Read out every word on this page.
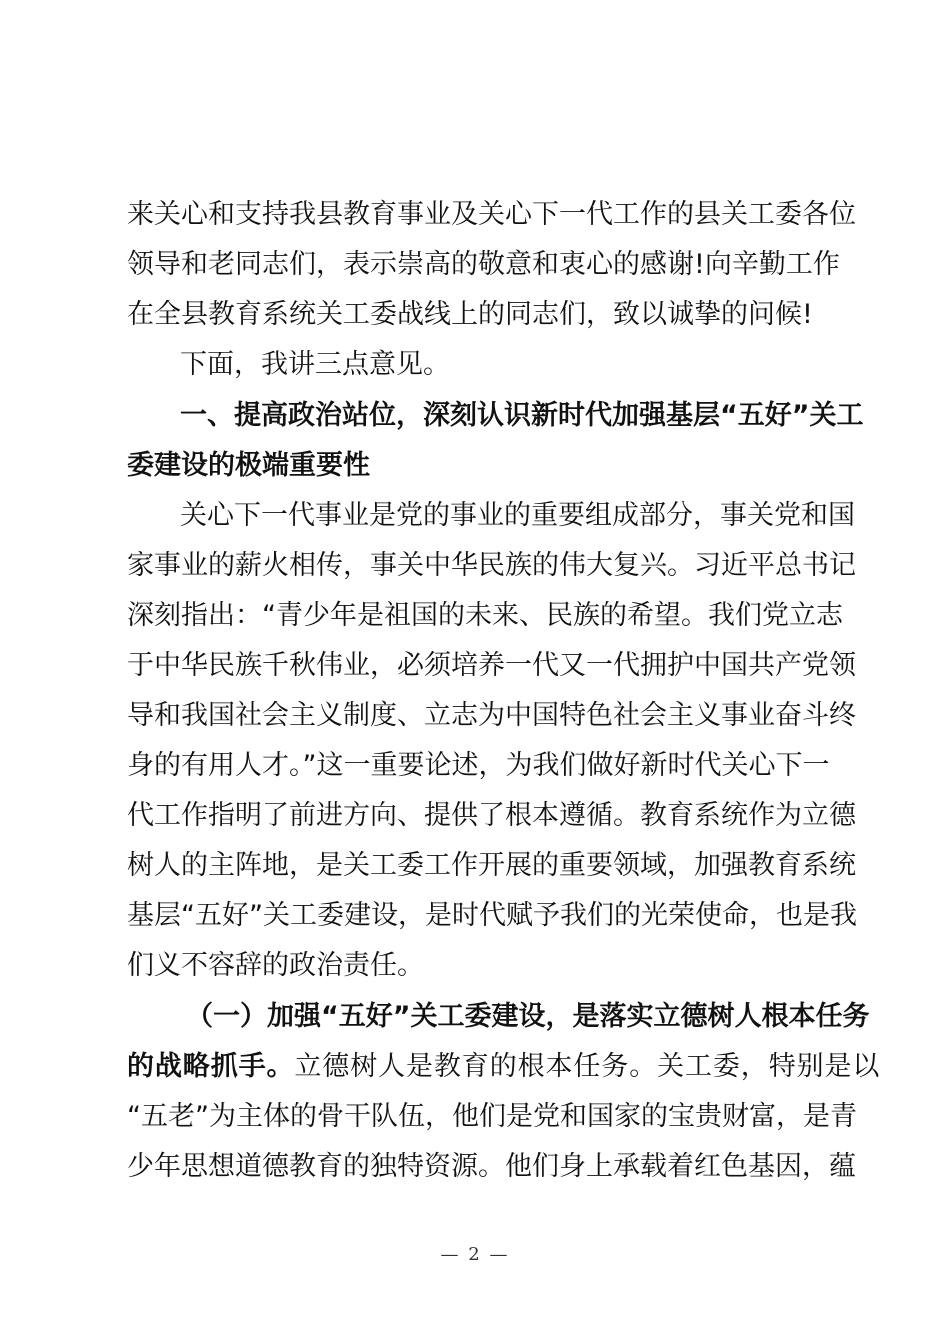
来关心和支持我县教育事业及关心下一代工作的县关工委各位
领导和老同志们，表示崇高的敬意和衷心的感谢!向辛勤工作
在全县教育系统关工委战线上的同志们，致以诚挚的问候!
下面，我讲三点意见。
一、提高政治站位，深刻认识新时代加强基层“五好”关工
委建设的极端重要性
关心下一代事业是党的事业的重要组成部分，事关党和国
家事业的薪火相传，事关中华民族的伟大复兴。习近平总书记
深刻指出：“青少年是祖国的未来、民族的希望。我们党立志
于中华民族千秋伟业，必须培养一代又一代拥护中国共产党领
导和我国社会主义制度、立志为中国特色社会主义事业奋斗终
身的有用人才。”这一重要论述，为我们做好新时代关心下一
代工作指明了前进方向、提供了根本遵循。教育系统作为立德
树人的主阵地，是关工委工作开展的重要领域，加强教育系统
基层“五好”关工委建设，是时代赋予我们的光荣使命，也是我
们义不容辞的政治责任。
（一）加强“五好”关工委建设，是落实立德树人根本任务
的战略抓手。立德树人是教育的根本任务。关工委，特别是以
“五老”为主体的骨干队伍，他们是党和国家的宝贵财富，是青
少年思想道德教育的独特资源。他们身上承载着红色基因，蕴
— 2 —
